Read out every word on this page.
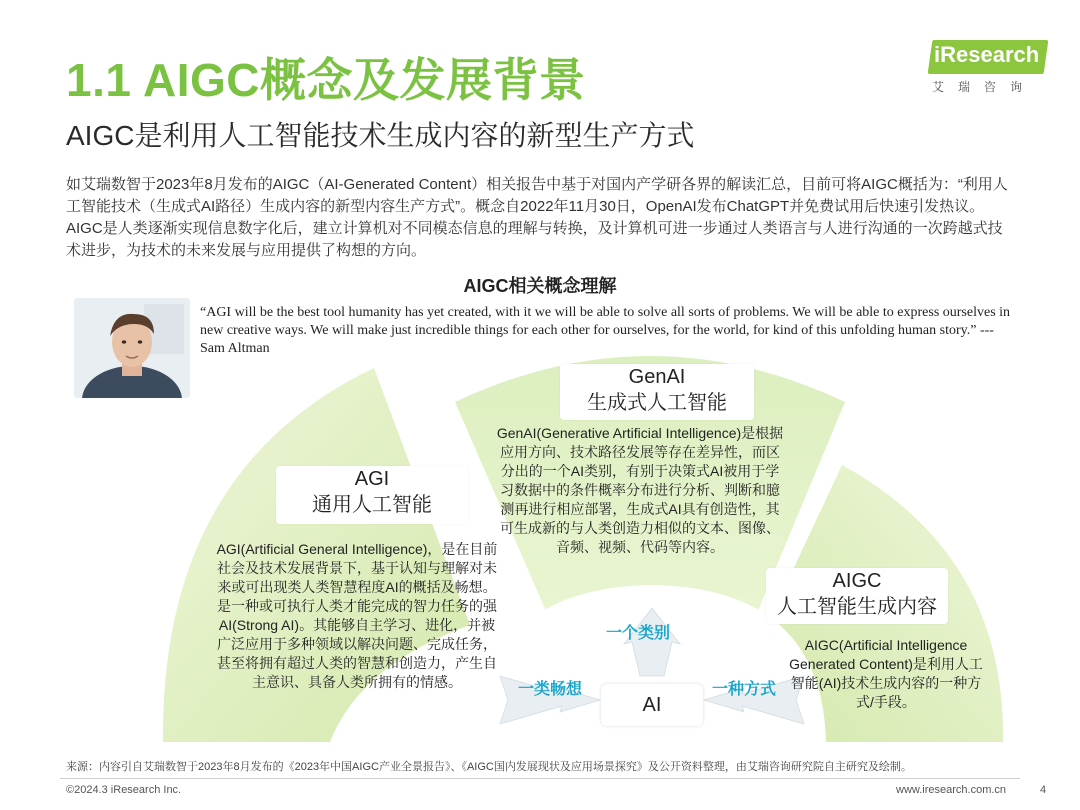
1.1 AIGC概念及发展背景
AIGC是利用人工智能技术生成内容的新型生产方式
iResearch
艾瑞咨询
如艾瑞数智于2023年8月发布的AIGC（AI-Generated Content）相关报告中基于对国内产学研各界的解读汇总，目前可将AIGC概括为：“利用人工智能技术（生成式AI路径）生成内容的新型内容生产方式”。概念自2022年11月30日，OpenAI发布ChatGPT并免费试用后快速引发热议。AIGC是人类逐渐实现信息数字化后，建立计算机对不同模态信息的理解与转换，及计算机可进一步通过人类语言与人进行沟通的一次跨越式技术进步，为技术的未来发展与应用提供了构想的方向。
AIGC相关概念理解
“AGI will be the best tool humanity has yet created, with it we will be able to solve all sorts of problems. We will be able to express ourselves in new creative ways. We will make just incredible things for each other for ourselves, for the world, for kind of this unfolding human story.” ---Sam Altman
AGI
通用人工智能
AGI(Artificial General Intelligence)，是在目前社会及技术发展背景下，基于认知与理解对未来或可出现类人类智慧程度AI的概括及畅想。是一种或可执行人类才能完成的智力任务的强AI(Strong AI)。其能够自主学习、进化，并被广泛应用于多种领域以解决问题、完成任务，甚至将拥有超过人类的智慧和创造力，产生自主意识、具备人类所拥有的情感。
GenAI
生成式人工智能
GenAI(Generative Artificial Intelligence)是根据应用方向、技术路径发展等存在差异性，而区分出的一个AI类别，有别于决策式AI被用于学习数据中的条件概率分布进行分析、判断和臆测再进行相应部署，生成式AI具有创造性，其可生成新的与人类创造力相似的文本、图像、音频、视频、代码等内容。
AIGC
人工智能生成内容
AIGC(Artificial Intelligence Generated Content)是利用人工智能(AI)技术生成内容的一种方式/手段。
一个类别
一类畅想	一种方式
AI
来源：内容引自艾瑞数智于2023年8月发布的《2023年中国AIGC产业全景报告》、《AIGC国内发展现状及应用场景探究》及公开资料整理，由艾瑞咨询研究院自主研究及绘制。
©2024.3 iResearch Inc.	www.iresearch.com.cn	4
